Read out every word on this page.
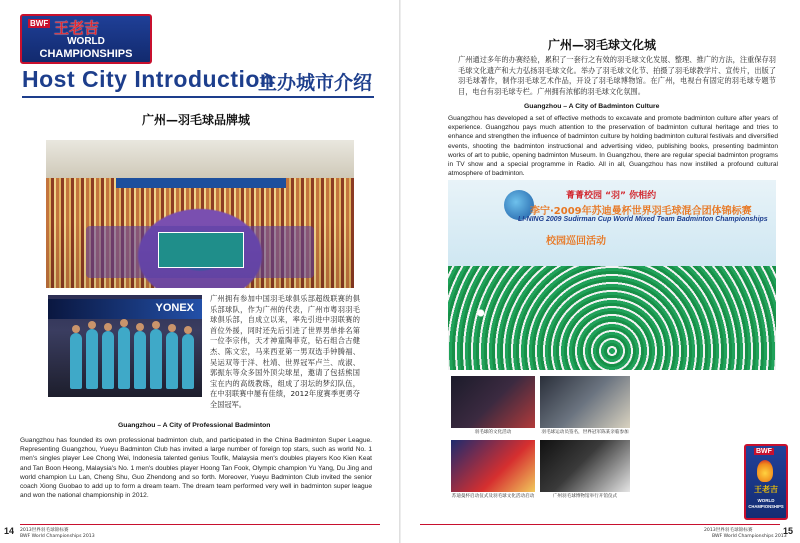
BWF 王老吉
WORLD
CHAMPIONSHIPS
Host City Introduction
主办城市介绍
广州—羽毛球品牌城
YONEX
广州拥有参加中国羽毛球俱乐部超级联赛的俱乐部球队，作为广州的代表，广州市粤羽羽毛球俱乐部，自成立以来，率先引进中羽联赛的首位外援，同时还先后引进了世界男单排名第一位李宗伟，天才神童陶菲克，钻石组合古健杰、陈文宏，马来西亚第一男双选手钟腾福、吴运双等于洋、杜靖、世界冠军卢兰、成淑、郭振东等众多国外顶尖球星，邀请了包括熊国宝在内的高级教练，组成了羽坛的梦幻队伍，在中羽联赛中屡有佳绩，2012年度赛季更勇夺全国冠军。
Guangzhou – A City of Professional Badminton
Guangzhou has founded its own professional badminton club, and participated in the China Badminton Super League. Representing Guangzhou, Yueyu Badminton Club has invited a large number of foreign top stars, such as world No. 1 men's singles player Lee Chong Wei, Indonesia talented genius Toufik, Malaysia men's doubles players Koo Kien Keat and Tan Boon Heong, Malaysia's No. 1 men's doubles player Hoong Tan Fook, Olympic champion Yu Yang, Du Jing and world champion Lu Lan, Cheng Shu, Guo Zhendong and so forth. Moreover, Yueyu Badminton Club invited the senior coach Xiong Guobao to add up to form a dream team. The dream team performed very well in badminton super league and won the national championship in 2012.
14 2013世界羽毛球锦标赛
BWF World Championships 2013
广州—羽毛球文化城
广州通过多年的办赛经验，累积了一套行之有效的羽毛球文化发展、整理、推广的方法，注重保存羽毛球文化遗产和大力弘扬羽毛球文化。举办了羽毛球文化节、拍摄了羽毛球教学片、宣传片，出版了羽毛球著作，制作羽毛球艺术作品，开设了羽毛球博物馆。在广州，电视台有固定的羽毛球专题节目，电台有羽毛球专栏。广州拥有浓郁的羽毛球文化氛围。
Guangzhou – A City of Badminton Culture
Guangzhou has developed a set of effective methods to excavate and promote badminton culture after years of experience. Guangzhou pays much attention to the preservation of badminton cultural heritage and tries to enhance and strengthen the influence of badminton culture by holding badminton cultural festivals and diversified events, shooting the badminton instructional and advertising video, publishing books, presenting badminton works of art to public, opening badminton Museum. In Guangzhou, there are regular special badminton programs in TV show and a special programme in Radio. All in all, Guangzhou has now instilled a profound cultural atmosphere of badminton.
菁菁校园 “羽” 你相约
李宁·2009年苏迪曼杯世界羽毛球混合团体锦标赛
LI-NING 2009 Sudirman Cup World Mixed Team Badminton Championships
校园巡回活动
羽毛球的文化活动	羽毛球运动员签名，世界冠军陈某亲临参加
苏迪曼杯启动仪式及羽毛球文化活动启动	广州羽毛球博物馆举行开馆仪式
BWF
王老吉
WORLD
CHAMPIONSHIPS
2013世界羽毛球锦标赛
BWF World Championships 2013
15
